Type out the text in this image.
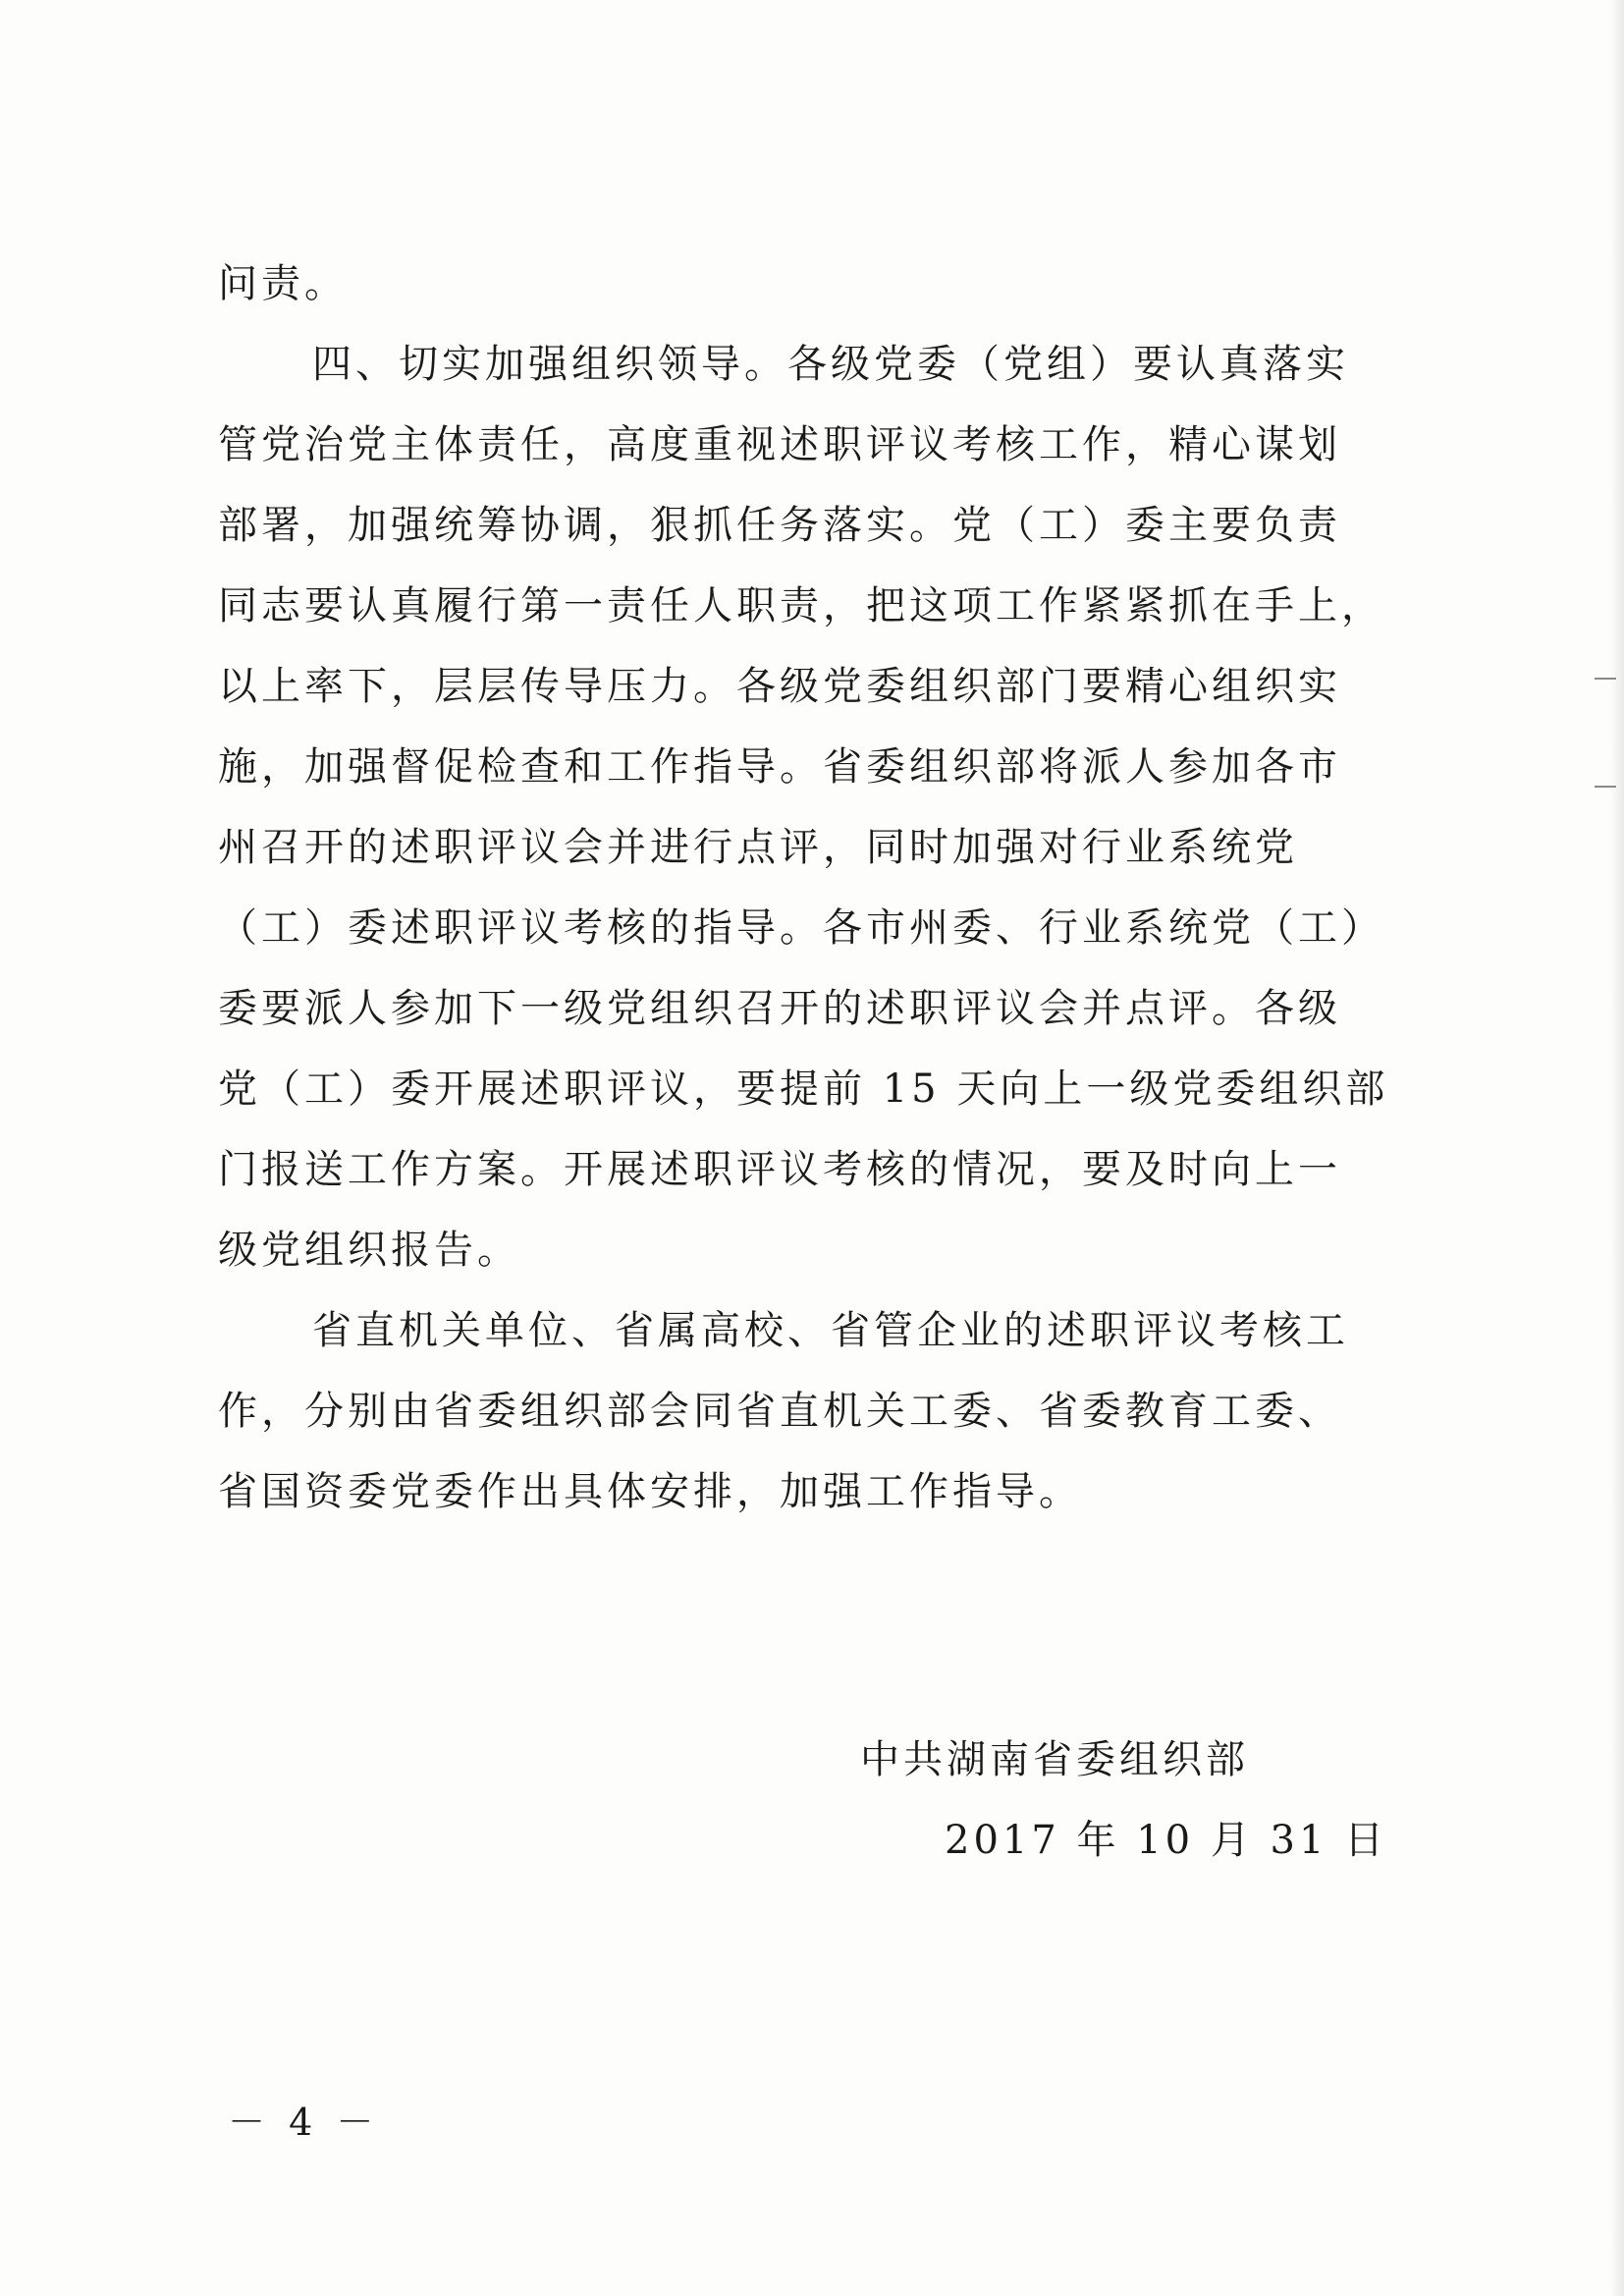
问责。
四、切实加强组织领导。各级党委（党组）要认真落实
管党治党主体责任，高度重视述职评议考核工作，精心谋划
部署，加强统筹协调，狠抓任务落实。党（工）委主要负责
同志要认真履行第一责任人职责，把这项工作紧紧抓在手上，
以上率下，层层传导压力。各级党委组织部门要精心组织实
施，加强督促检查和工作指导。省委组织部将派人参加各市
州召开的述职评议会并进行点评，同时加强对行业系统党
（工）委述职评议考核的指导。各市州委、行业系统党（工）
委要派人参加下一级党组织召开的述职评议会并点评。各级
党（工）委开展述职评议，要提前 15 天向上一级党委组织部
门报送工作方案。开展述职评议考核的情况，要及时向上一
级党组织报告。
省直机关单位、省属高校、省管企业的述职评议考核工
作，分别由省委组织部会同省直机关工委、省委教育工委、
省国资委党委作出具体安排，加强工作指导。
中共湖南省委组织部
2017 年 10 月 31 日
－ 4 －
